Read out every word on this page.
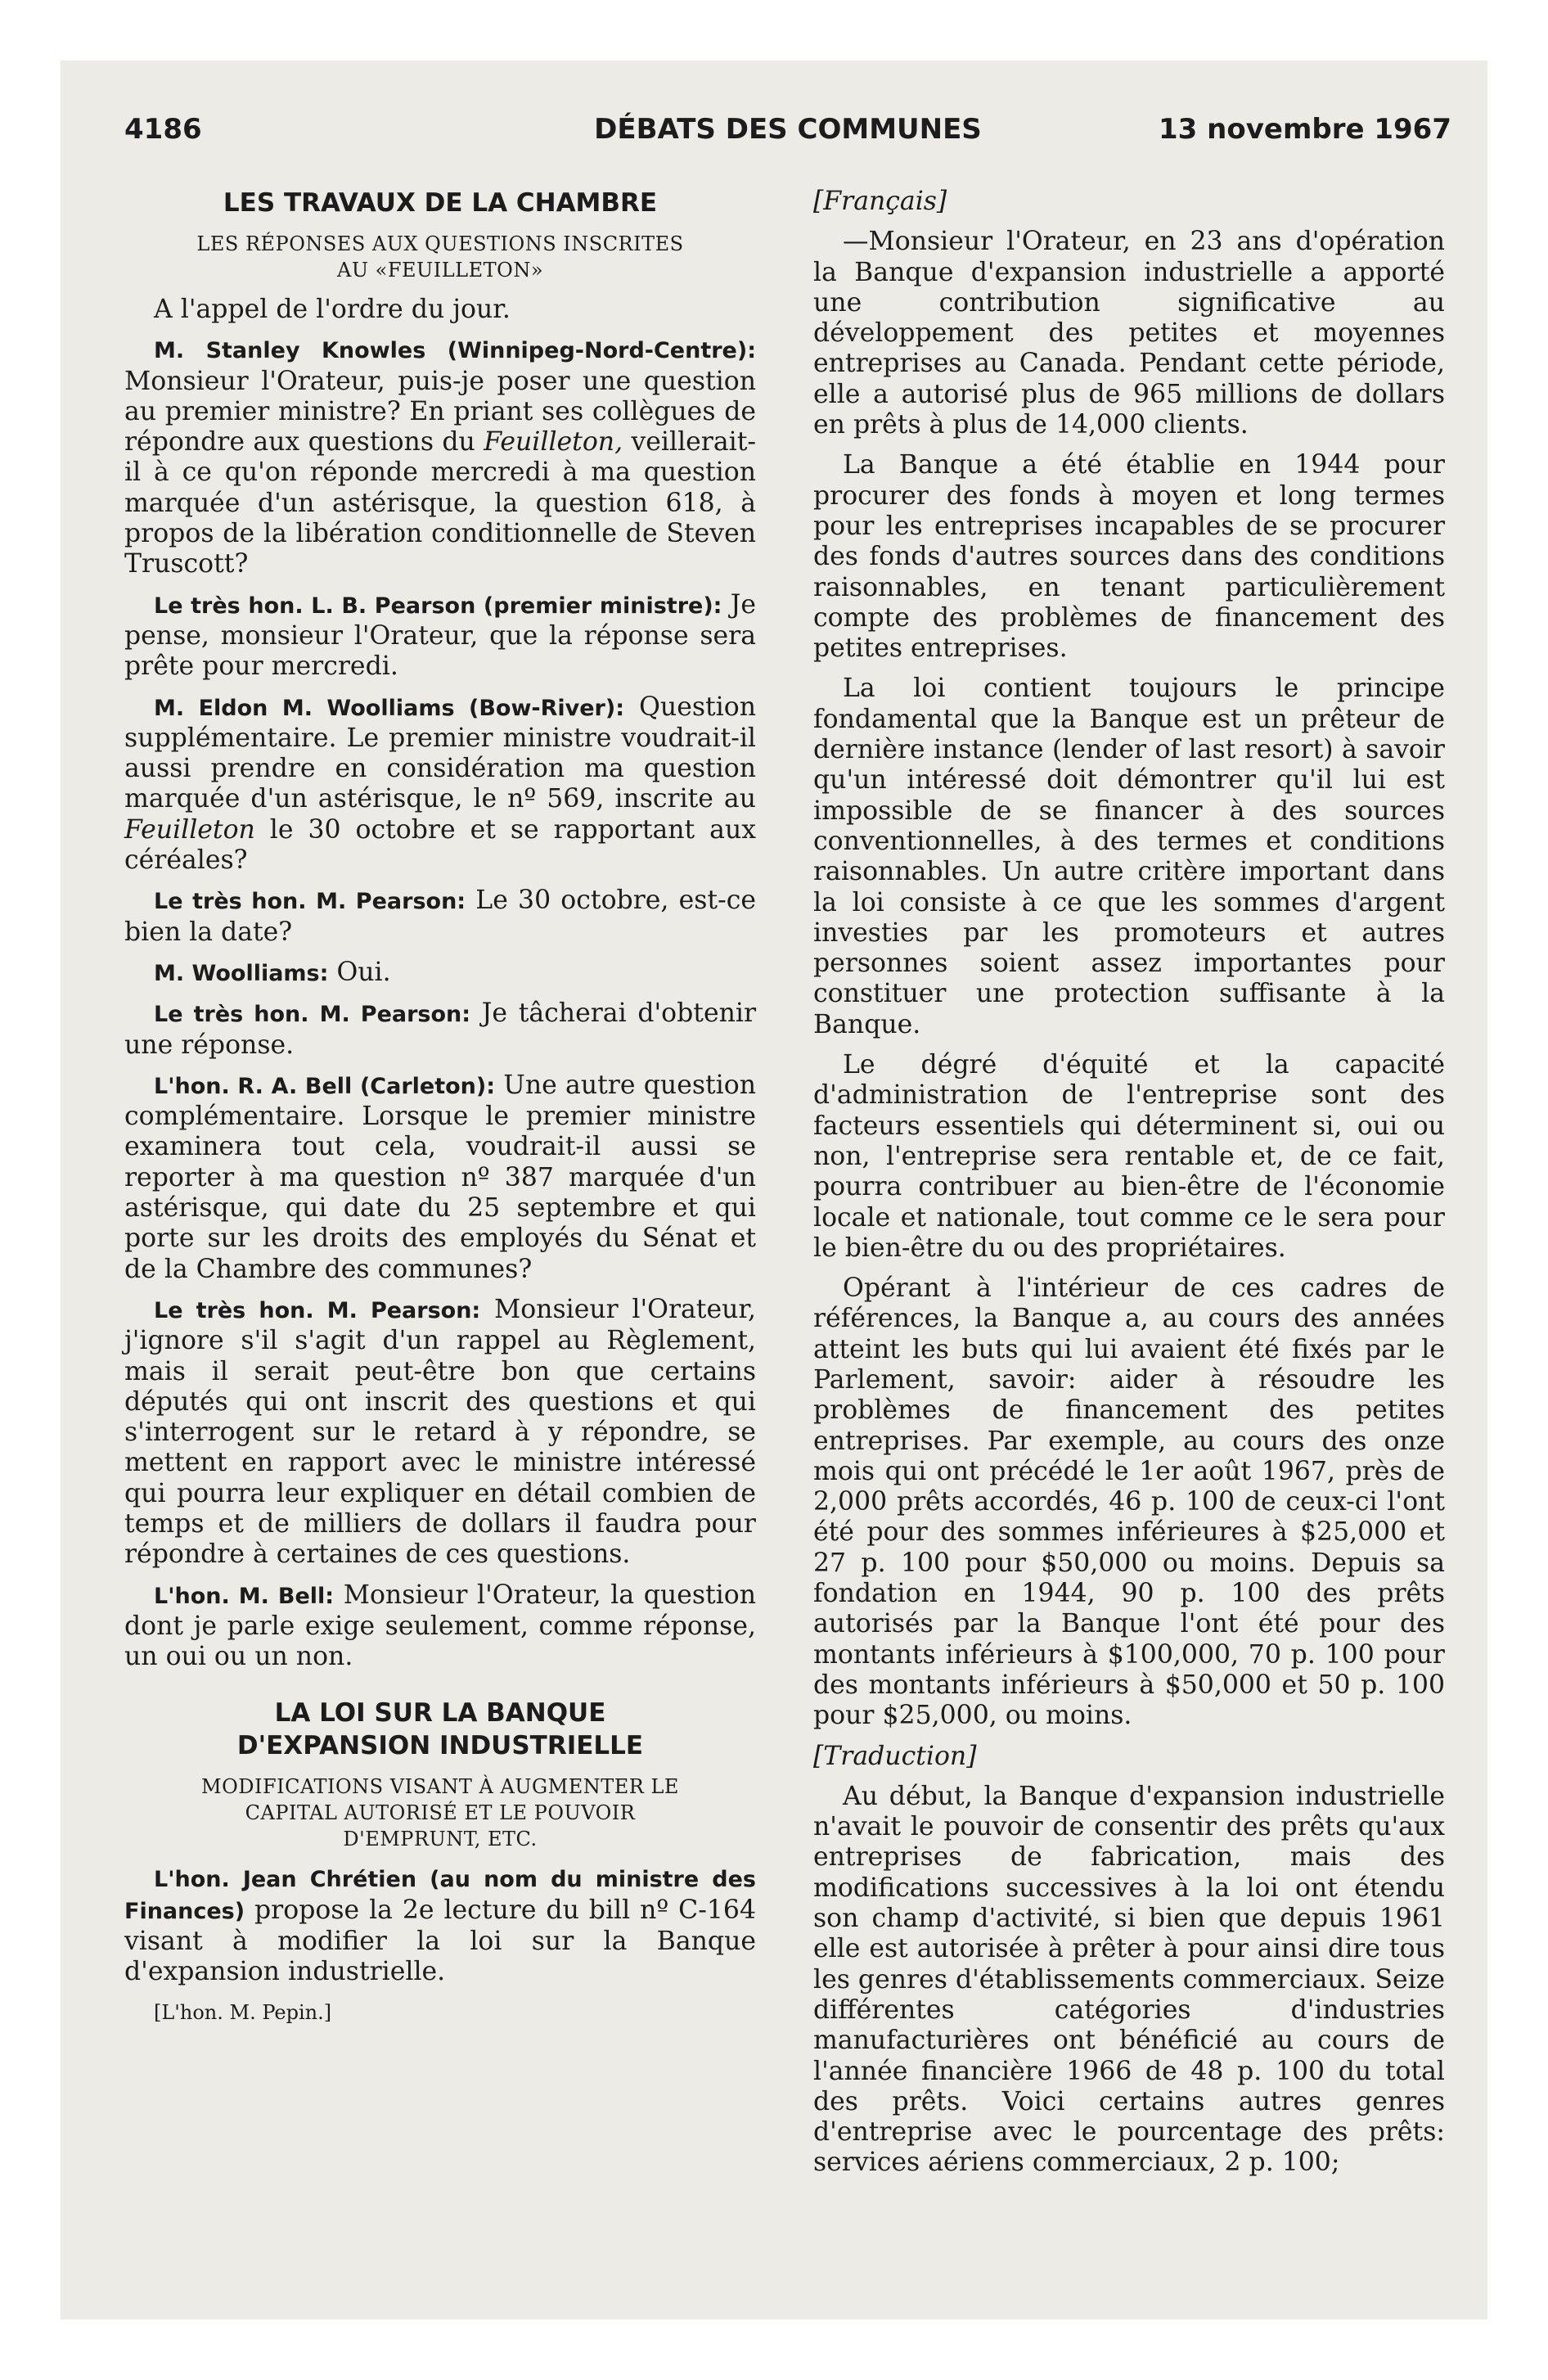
4186	DÉBATS DES COMMUNES	13 novembre 1967
LES TRAVAUX DE LA CHAMBRE
LES RÉPONSES AUX QUESTIONS INSCRITES
AU «FEUILLETON»

A l'appel de l'ordre du jour.

M. Stanley Knowles (Winnipeg-Nord-Centre): Monsieur l'Orateur, puis-je poser une question au premier ministre? En priant ses collègues de répondre aux questions du Feuilleton, veillerait-il à ce qu'on réponde mercredi à ma question marquée d'un astérisque, la question 618, à propos de la libération conditionnelle de Steven Truscott?

Le très hon. L. B. Pearson (premier ministre): Je pense, monsieur l'Orateur, que la réponse sera prête pour mercredi.

M. Eldon M. Woolliams (Bow-River): Question supplémentaire. Le premier ministre voudrait-il aussi prendre en considération ma question marquée d'un astérisque, le nº 569, inscrite au Feuilleton le 30 octobre et se rapportant aux céréales?

Le très hon. M. Pearson: Le 30 octobre, est-ce bien la date?

M. Woolliams: Oui.

Le très hon. M. Pearson: Je tâcherai d'obtenir une réponse.

L'hon. R. A. Bell (Carleton): Une autre question complémentaire. Lorsque le premier ministre examinera tout cela, voudrait-il aussi se reporter à ma question nº 387 marquée d'un astérisque, qui date du 25 septembre et qui porte sur les droits des employés du Sénat et de la Chambre des communes?

Le très hon. M. Pearson: Monsieur l'Orateur, j'ignore s'il s'agit d'un rappel au Règlement, mais il serait peut-être bon que certains députés qui ont inscrit des questions et qui s'interrogent sur le retard à y répondre, se mettent en rapport avec le ministre intéressé qui pourra leur expliquer en détail combien de temps et de milliers de dollars il faudra pour répondre à certaines de ces questions.

L'hon. M. Bell: Monsieur l'Orateur, la question dont je parle exige seulement, comme réponse, un oui ou un non.

LA LOI SUR LA BANQUE
D'EXPANSION INDUSTRIELLE
MODIFICATIONS VISANT À AUGMENTER LE
CAPITAL AUTORISÉ ET LE POUVOIR
D'EMPRUNT, ETC.

L'hon. Jean Chrétien (au nom du ministre des Finances) propose la 2e lecture du bill nº C-164 visant à modifier la loi sur la Banque d'expansion industrielle.

[L'hon. M. Pepin.]

[Français]

—Monsieur l'Orateur, en 23 ans d'opération la Banque d'expansion industrielle a apporté une contribution significative au développement des petites et moyennes entreprises au Canada. Pendant cette période, elle a autorisé plus de 965 millions de dollars en prêts à plus de 14,000 clients.

La Banque a été établie en 1944 pour procurer des fonds à moyen et long termes pour les entreprises incapables de se procurer des fonds d'autres sources dans des conditions raisonnables, en tenant particulièrement compte des problèmes de financement des petites entreprises.

La loi contient toujours le principe fondamental que la Banque est un prêteur de dernière instance (lender of last resort) à savoir qu'un intéressé doit démontrer qu'il lui est impossible de se financer à des sources conventionnelles, à des termes et conditions raisonnables. Un autre critère important dans la loi consiste à ce que les sommes d'argent investies par les promoteurs et autres personnes soient assez importantes pour constituer une protection suffisante à la Banque.

Le dégré d'équité et la capacité d'administration de l'entreprise sont des facteurs essentiels qui déterminent si, oui ou non, l'entreprise sera rentable et, de ce fait, pourra contribuer au bien-être de l'économie locale et nationale, tout comme ce le sera pour le bien-être du ou des propriétaires.

Opérant à l'intérieur de ces cadres de références, la Banque a, au cours des années atteint les buts qui lui avaient été fixés par le Parlement, savoir: aider à résoudre les problèmes de financement des petites entreprises. Par exemple, au cours des onze mois qui ont précédé le 1er août 1967, près de 2,000 prêts accordés, 46 p. 100 de ceux-ci l'ont été pour des sommes inférieures à $25,000 et 27 p. 100 pour $50,000 ou moins. Depuis sa fondation en 1944, 90 p. 100 des prêts autorisés par la Banque l'ont été pour des montants inférieurs à $100,000, 70 p. 100 pour des montants inférieurs à $50,000 et 50 p. 100 pour $25,000, ou moins.

[Traduction]

Au début, la Banque d'expansion industrielle n'avait le pouvoir de consentir des prêts qu'aux entreprises de fabrication, mais des modifications successives à la loi ont étendu son champ d'activité, si bien que depuis 1961 elle est autorisée à prêter à pour ainsi dire tous les genres d'établissements commerciaux. Seize différentes catégories d'industries manufacturières ont bénéficié au cours de l'année financière 1966 de 48 p. 100 du total des prêts. Voici certains autres genres d'entreprise avec le pourcentage des prêts: services aériens commerciaux, 2 p. 100;
